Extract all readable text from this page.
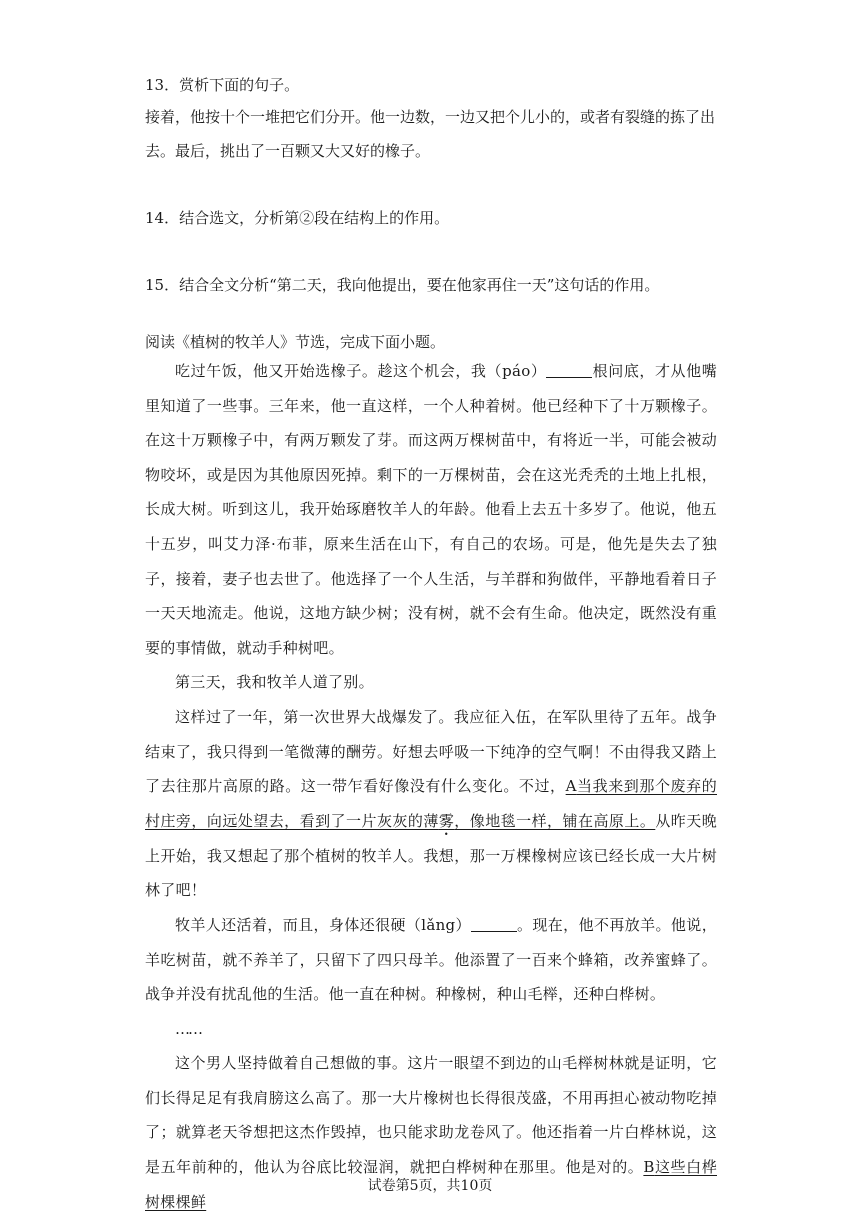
13．赏析下面的句子。

接着，他按十个一堆把它们分开。他一边数，一边又把个儿小的，或者有裂缝的拣了出

去。最后，挑出了一百颗又大又好的橡子。

14．结合选文，分析第②段在结构上的作用。

15．结合全文分析“第二天，我向他提出，要在他家再住一天”这句话的作用。

阅读《植树的牧羊人》节选，完成下面小题。

吃过午饭，他又开始选橡子。趁这个机会，我（páo）	根问底，才从他嘴里知道了一些事。三年来，他一直这样，一个人种着树。他已经种下了十万颗橡子。在这十万颗橡子中，有两万颗发了芽。而这两万棵树苗中，有将近一半，可能会被动物咬坏，或是因为其他原因死掉。剩下的一万棵树苗，会在这光秃秃的土地上扎根，长成大树。听到这儿，我开始琢磨牧羊人的年龄。他看上去五十多岁了。他说，他五十五岁，叫艾力泽·布菲，原来生活在山下，有自己的农场。可是，他先是失去了独子，接着，妻子也去世了。他选择了一个人生活，与羊群和狗做伴，平静地看着日子一天天地流走。他说，这地方缺少树；没有树，就不会有生命。他决定，既然没有重要的事情做，就动手种树吧。

第三天，我和牧羊人道了别。

这样过了一年，第一次世界大战爆发了。我应征入伍，在军队里待了五年。战争结束了，我只得到一笔微薄的酬劳。好想去呼吸一下纯净的空气啊！不由得我又踏上了去往那片高原的路。这一带乍看好像没有什么变化。不过，A当我来到那个废弃的村庄旁，向远处望去，看到了一片灰灰的薄雾，像地毯一样，铺在高原上。从昨天晚上开始，我又想起了那个植树的牧羊人。我想，那一万棵橡树应该已经长成一大片树林了吧！

牧羊人还活着，而且，身体还很硬（lǎng）	。现在，他不再放羊。他说，羊吃树苗，就不养羊了，只留下了四只母羊。他添置了一百来个蜂箱，改养蜜蜂了。战争并没有扰乱他的生活。他一直在种树。种橡树，种山毛榉，还种白桦树。

……

这个男人坚持做着自己想做的事。这片一眼望不到边的山毛榉树林就是证明，它们长得足足有我肩膀这么高了。那一大片橡树也长得很茂盛，不用再担心被动物吃掉了；就算老天爷想把这杰作毁掉，也只能求助龙卷风了。他还指着一片白桦林说，这是五年前种的，他认为谷底比较湿润，就把白桦树种在那里。他是对的。B这些白桦树棵棵鲜

试卷第5页，共10页
